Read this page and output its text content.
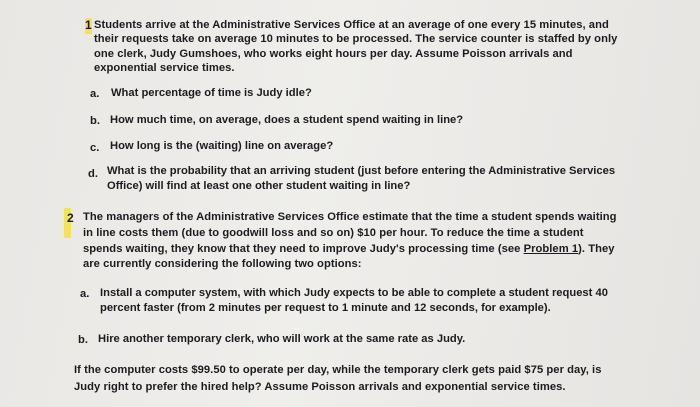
1 Students arrive at the Administrative Services Office at an average of one every 15 minutes, and
their requests take on average 10 minutes to be processed. The service counter is staffed by only
one clerk, Judy Gumshoes, who works eight hours per day. Assume Poisson arrivals and
exponential service times.
a. What percentage of time is Judy idle?
b. How much time, on average, does a student spend waiting in line?
c. How long is the (waiting) line on average?
d. What is the probability that an arriving student (just before entering the Administrative Services
Office) will find at least one other student waiting in line?
2 The managers of the Administrative Services Office estimate that the time a student spends waiting
in line costs them (due to goodwill loss and so on) $10 per hour. To reduce the time a student
spends waiting, they know that they need to improve Judy's processing time (see Problem 1). They
are currently considering the following two options:
a. Install a computer system, with which Judy expects to be able to complete a student request 40
percent faster (from 2 minutes per request to 1 minute and 12 seconds, for example).
b. Hire another temporary clerk, who will work at the same rate as Judy.
If the computer costs $99.50 to operate per day, while the temporary clerk gets paid $75 per day, is
Judy right to prefer the hired help? Assume Poisson arrivals and exponential service times.
